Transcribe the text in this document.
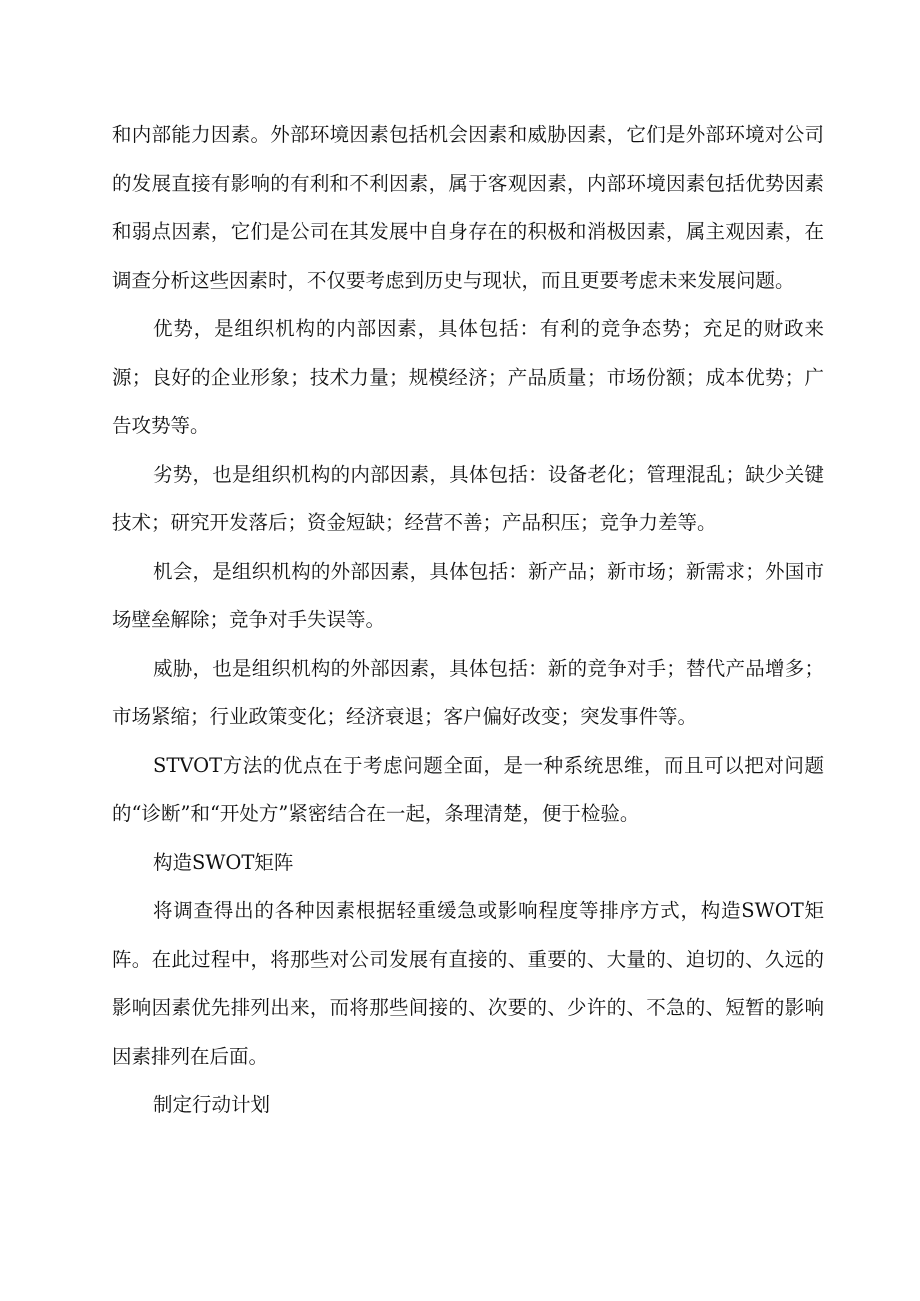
和内部能力因素。外部环境因素包括机会因素和威胁因素，它们是外部环境对公司的发展直接有影响的有利和不利因素，属于客观因素，内部环境因素包括优势因素和弱点因素，它们是公司在其发展中自身存在的积极和消极因素，属主观因素，在调查分析这些因素时，不仅要考虑到历史与现状，而且更要考虑未来发展问题。

优势，是组织机构的内部因素，具体包括：有利的竞争态势；充足的财政来源；良好的企业形象；技术力量；规模经济；产品质量；市场份额；成本优势；广告攻势等。

劣势，也是组织机构的内部因素，具体包括：设备老化；管理混乱；缺少关键技术；研究开发落后；资金短缺；经营不善；产品积压；竞争力差等。

机会，是组织机构的外部因素，具体包括：新产品；新市场；新需求；外国市场壁垒解除；竞争对手失误等。

威胁，也是组织机构的外部因素，具体包括：新的竞争对手；替代产品增多；市场紧缩；行业政策变化；经济衰退；客户偏好改变；突发事件等。

STVOT方法的优点在于考虑问题全面，是一种系统思维，而且可以把对问题的“诊断”和“开处方”紧密结合在一起，条理清楚，便于检验。

构造SWOT矩阵

将调查得出的各种因素根据轻重缓急或影响程度等排序方式，构造SWOT矩阵。在此过程中，将那些对公司发展有直接的、重要的、大量的、迫切的、久远的影响因素优先排列出来，而将那些间接的、次要的、少许的、不急的、短暂的影响因素排列在后面。

制定行动计划
